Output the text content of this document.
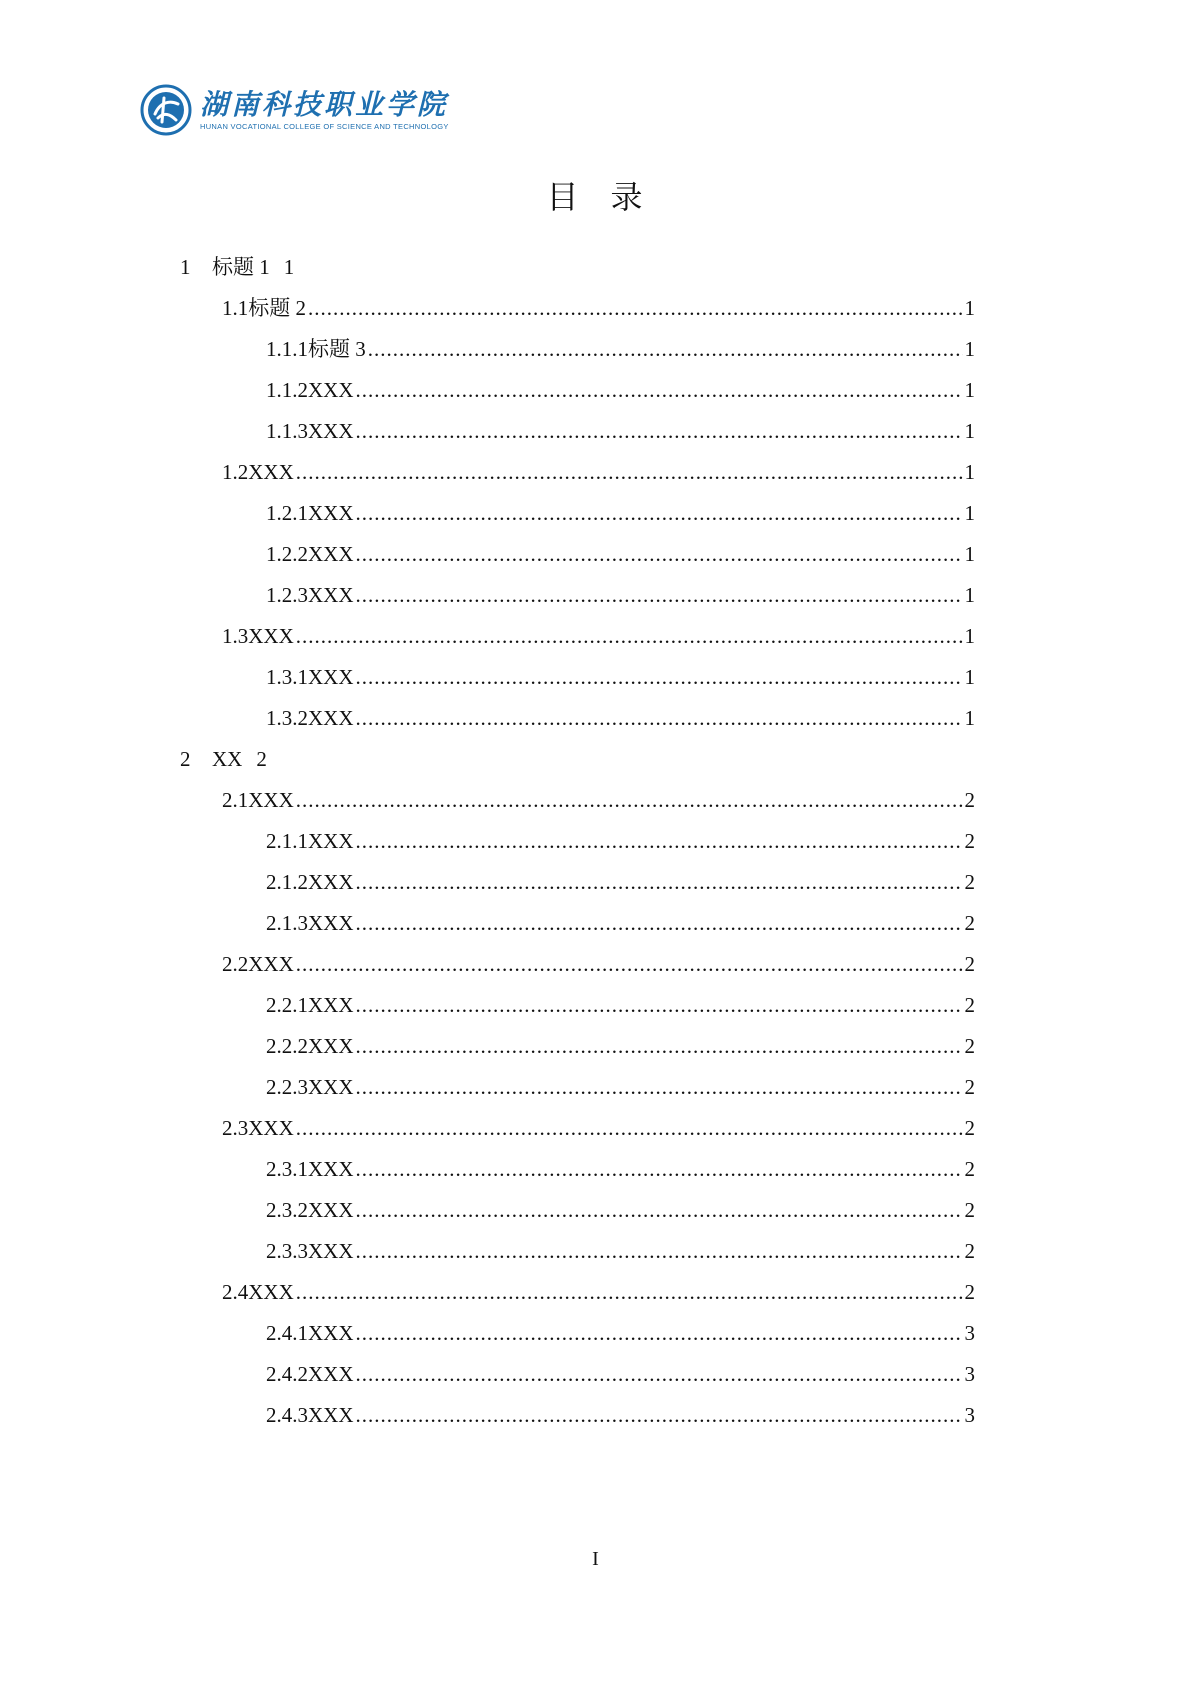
湖南科技职业学院
HUNAN VOCATIONAL COLLEGE OF SCIENCE AND TECHNOLOGY
目 录
1	标题 1 1
1.1 标题 2 .....	1
1.1.1 标题 3 .....	1
1.1.2 XXX .....	1
1.1.3 XXX .....	1
1.2 XXX .....	1
1.2.1 XXX .....	1
1.2.2 XXX .....	1
1.2.3 XXX .....	1
1.3 XXX .....	1
1.3.1 XXX .....	1
1.3.2 XXX .....	1
2	XX 2
2.1 XXX .....	2
2.1.1 XXX .....	2
2.1.2 XXX .....	2
2.1.3 XXX .....	2
2.2 XXX .....	2
2.2.1 XXX .....	2
2.2.2 XXX .....	2
2.2.3 XXX .....	2
2.3 XXX .....	2
2.3.1 XXX .....	2
2.3.2 XXX .....	2
2.3.3 XXX .....	2
2.4 XXX .....	2
2.4.1 XXX .....	3
2.4.2 XXX .....	3
2.4.3 XXX .....	3
I
